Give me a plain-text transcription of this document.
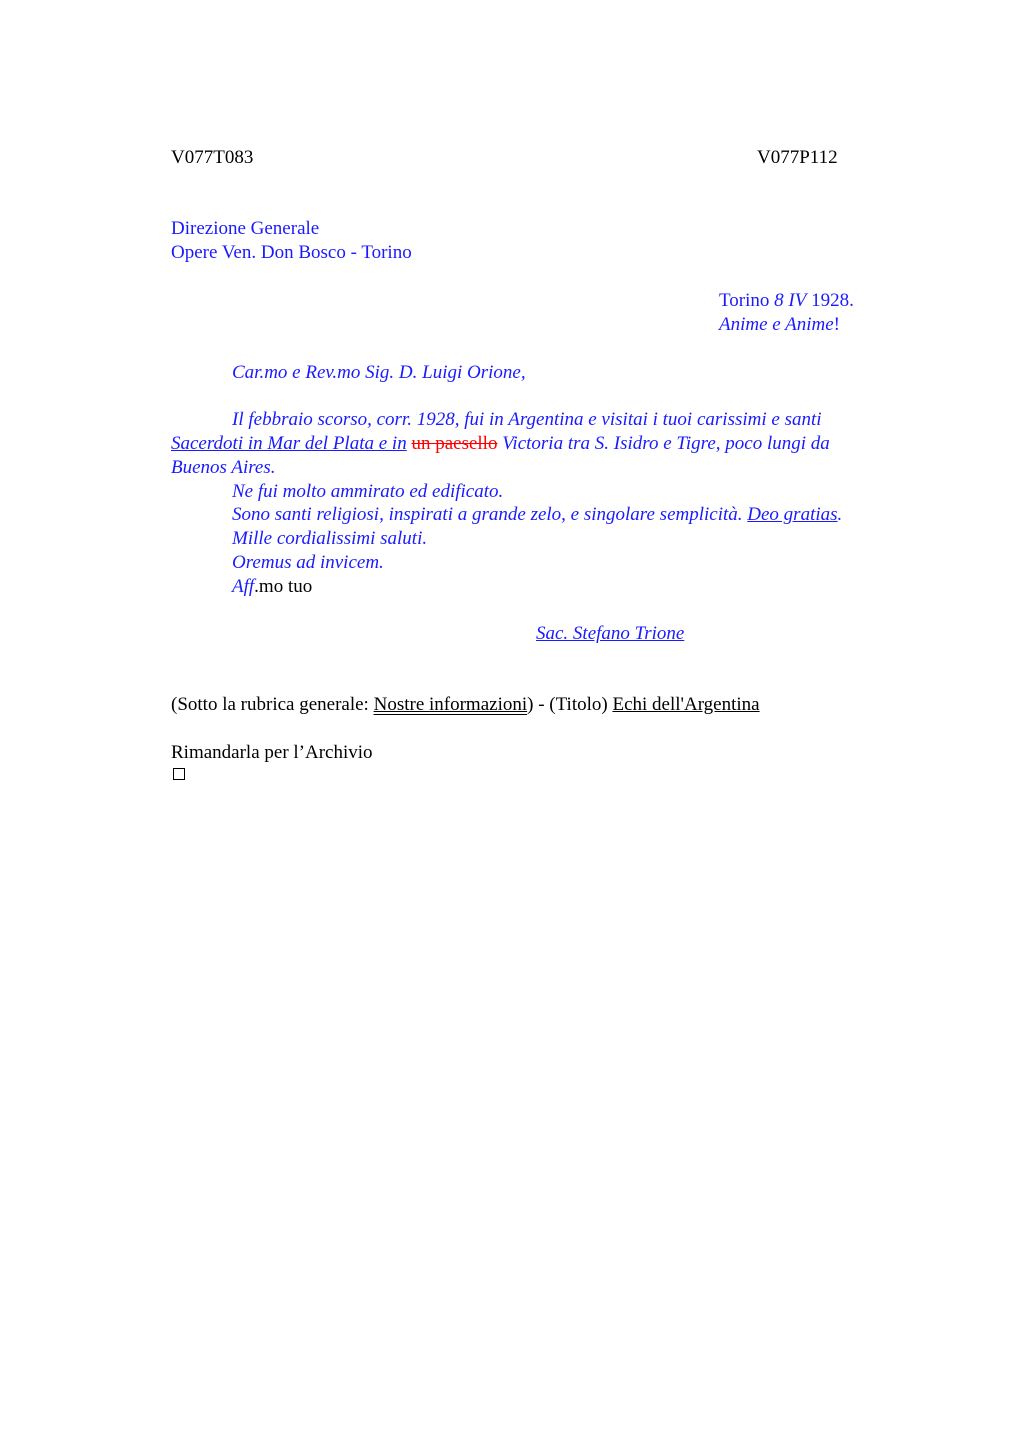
V077T083	V077P112
Direzione Generale
Opere Ven. Don Bosco - Torino
Torino 8 IV 1928.
Anime e Anime!
Car.mo e Rev.mo Sig. D. Luigi Orione,
Il febbraio scorso, corr. 1928, fui in Argentina e visitai i tuoi carissimi e santi
Sacerdoti in Mar del Plata e in un paesello Victoria tra S. Isidro e Tigre, poco lungi da
Buenos Aires.
Ne fui molto ammirato ed edificato.
Sono santi religiosi, inspirati a grande zelo, e singolare semplicità. Deo gratias.
Mille cordialissimi saluti.
Oremus ad invicem.
Aff.mo tuo
Sac. Stefano Trione
(Sotto la rubrica generale: Nostre informazioni) - (Titolo) Echi dell'Argentina
Rimandarla per l’Archivio
